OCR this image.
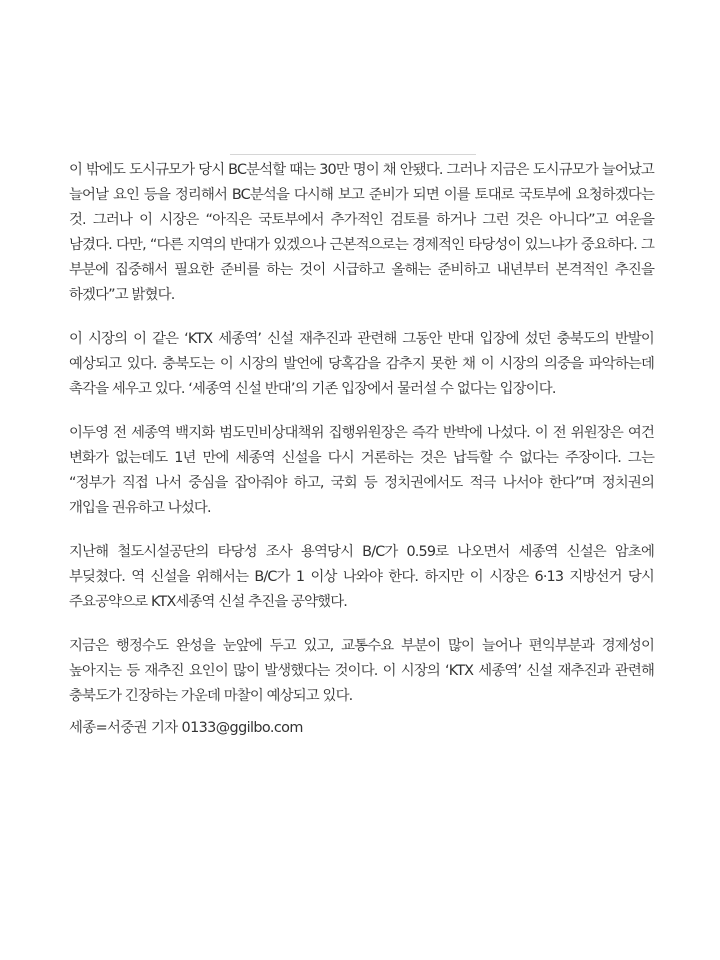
이 밖에도 도시규모가 당시 BC분석할 때는 30만 명이 채 안됐다. 그러나 지금은 도시규모가 늘어났고 늘어날 요인 등을 정리해서 BC분석을 다시해 보고 준비가 되면 이를 토대로 국토부에 요청하겠다는 것. 그러나 이 시장은 “아직은 국토부에서 추가적인 검토를 하거나 그런 것은 아니다”고 여운을 남겼다. 다만, “다른 지역의 반대가 있겠으나 근본적으로는 경제적인 타당성이 있느냐가 중요하다. 그 부분에 집중해서 필요한 준비를 하는 것이 시급하고 올해는 준비하고 내년부터 본격적인 추진을 하겠다”고 밝혔다.

이 시장의 이 같은 ‘KTX 세종역’ 신설 재추진과 관련해 그동안 반대 입장에 섰던 충북도의 반발이 예상되고 있다. 충북도는 이 시장의 발언에 당혹감을 감추지 못한 채 이 시장의 의중을 파악하는데 촉각을 세우고 있다. ‘세종역 신설 반대’의 기존 입장에서 물러설 수 없다는 입장이다.

이두영 전 세종역 백지화 범도민비상대책위 집행위원장은 즉각 반박에 나섰다. 이 전 위원장은 여건 변화가 없는데도 1년 만에 세종역 신설을 다시 거론하는 것은 납득할 수 없다는 주장이다. 그는 “정부가 직접 나서 중심을 잡아줘야 하고, 국회 등 정치권에서도 적극 나서야 한다”며 정치권의 개입을 권유하고 나섰다.

지난해 철도시설공단의 타당성 조사 용역당시 B/C가 0.59로 나오면서 세종역 신설은 암초에 부딪쳤다. 역 신설을 위해서는 B/C가 1 이상 나와야 한다. 하지만 이 시장은 6·13 지방선거 당시 주요공약으로 KTX세종역 신설 추진을 공약했다.

지금은 행정수도 완성을 눈앞에 두고 있고, 교통수요 부분이 많이 늘어나 편익부분과 경제성이 높아지는 등 재추진 요인이 많이 발생했다는 것이다. 이 시장의 ‘KTX 세종역’ 신설 재추진과 관련해 충북도가 긴장하는 가운데 마찰이 예상되고 있다.

세종=서중권 기자 0133@ggilbo.com
